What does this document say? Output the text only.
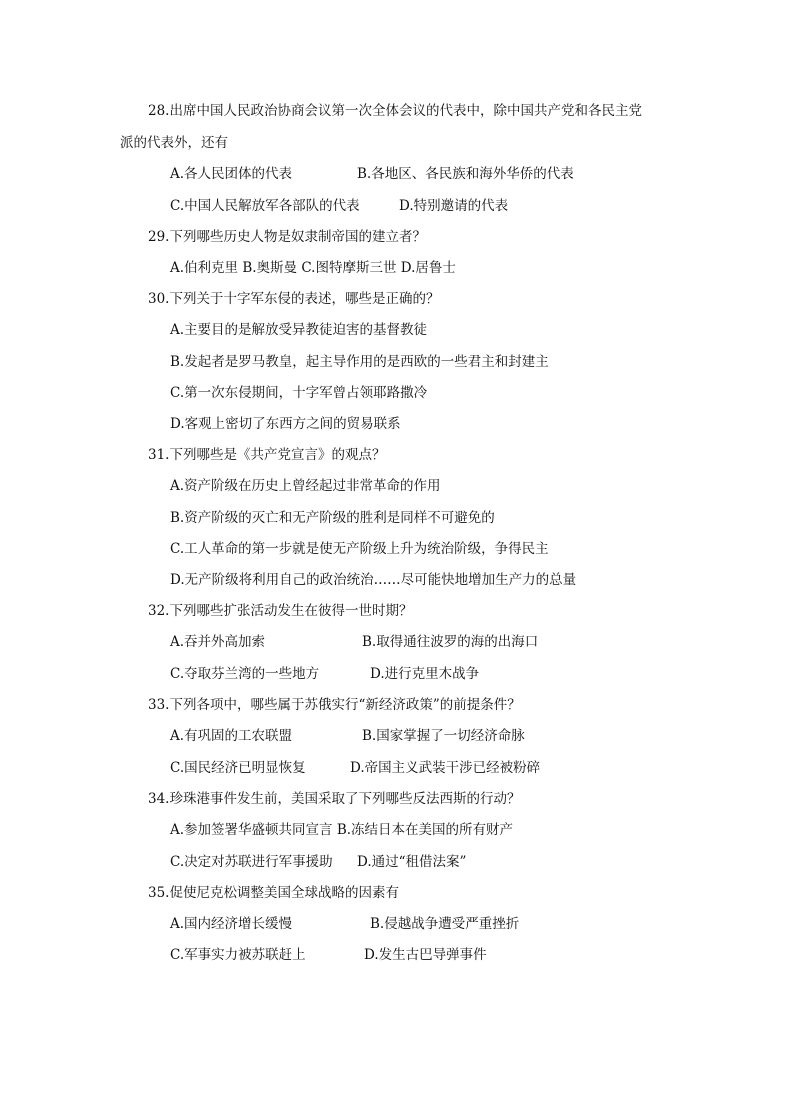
28.出席中国人民政治协商会议第一次全体会议的代表中，除中国共产党和各民主党
派的代表外，还有
A.各人民团体的代表	B.各地区、各民族和海外华侨的代表
C.中国人民解放军各部队的代表	D.特别邀请的代表
29.下列哪些历史人物是奴隶制帝国的建立者？
A.伯利克里 B.奥斯曼 C.图特摩斯三世 D.居鲁士
30.下列关于十字军东侵的表述，哪些是正确的？
A.主要目的是解放受异教徒迫害的基督教徒
B.发起者是罗马教皇，起主导作用的是西欧的一些君主和封建主
C.第一次东侵期间，十字军曾占领耶路撒冷
D.客观上密切了东西方之间的贸易联系
31.下列哪些是《共产党宣言》的观点？
A.资产阶级在历史上曾经起过非常革命的作用
B.资产阶级的灭亡和无产阶级的胜利是同样不可避免的
C.工人革命的第一步就是使无产阶级上升为统治阶级，争得民主
D.无产阶级将利用自己的政治统治……尽可能快地增加生产力的总量
32.下列哪些扩张活动发生在彼得一世时期？
A.吞并外高加索	B.取得通往波罗的海的出海口
C.夺取芬兰湾的一些地方	D.进行克里木战争
33.下列各项中，哪些属于苏俄实行“新经济政策”的前提条件？
A.有巩固的工农联盟	B.国家掌握了一切经济命脉
C.国民经济已明显恢复	D.帝国主义武装干涉已经被粉碎
34.珍珠港事件发生前，美国采取了下列哪些反法西斯的行动？
A.参加签署华盛顿共同宣言 B.冻结日本在美国的所有财产
C.决定对苏联进行军事援助 D.通过“租借法案”
35.促使尼克松调整美国全球战略的因素有
A.国内经济增长缓慢	B.侵越战争遭受严重挫折
C.军事实力被苏联赶上	D.发生古巴导弹事件
